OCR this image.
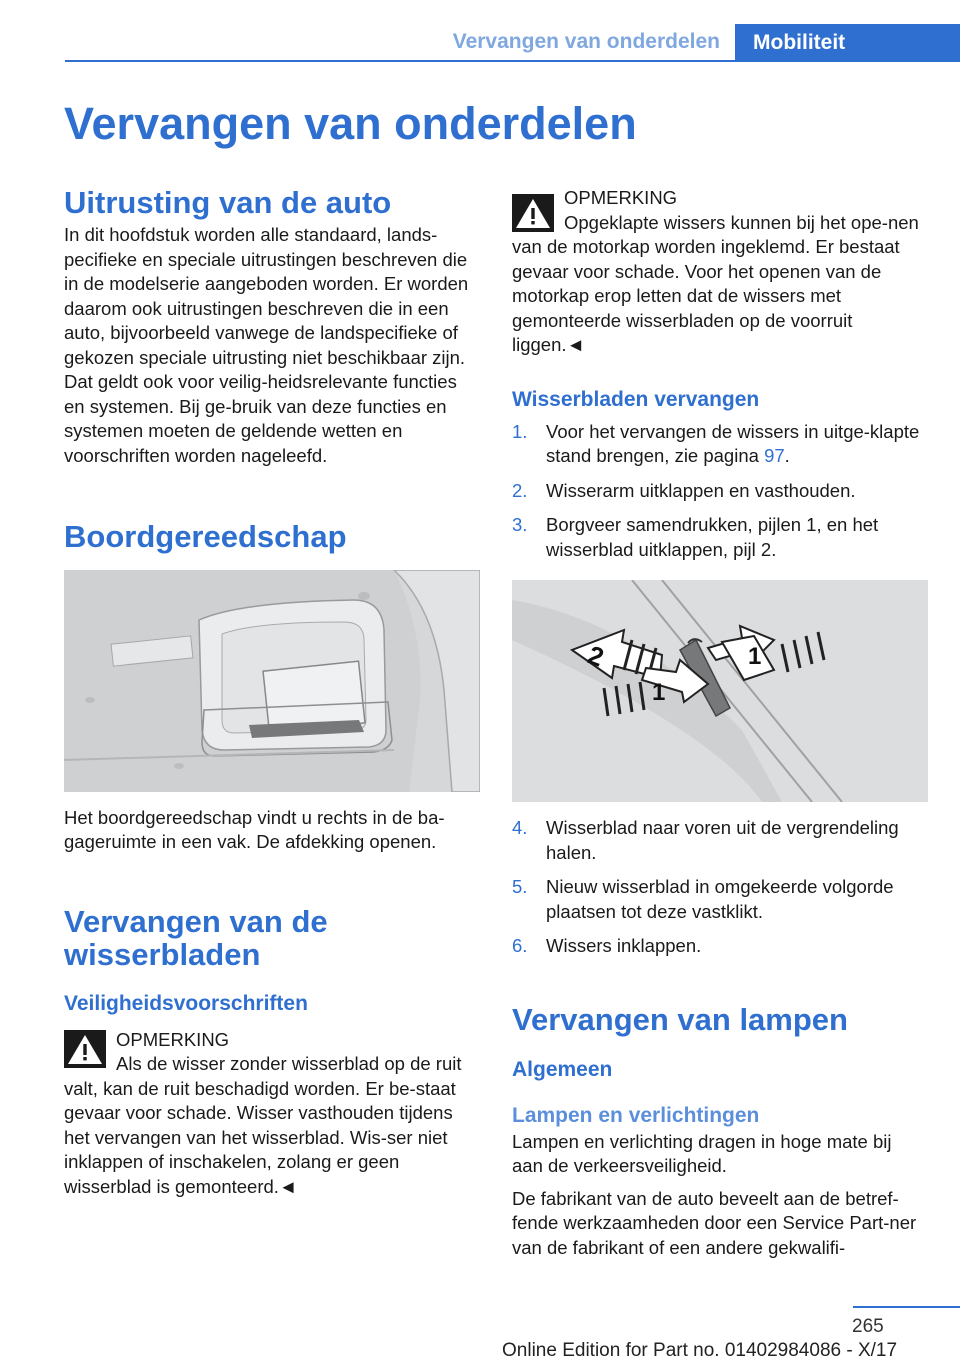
Vervangen van onderdelen	Mobiliteit
Vervangen van onderdelen
Uitrusting van de auto

In dit hoofdstuk worden alle standaard, lands-pecifieke en speciale uitrustingen beschreven die in de modelserie aangeboden worden. Er worden daarom ook uitrustingen beschreven die in een auto, bijvoorbeeld vanwege de landspecifieke of gekozen speciale uitrusting niet beschikbaar zijn. Dat geldt ook voor veilig-heidsrelevante functies en systemen. Bij ge-bruik van deze functies en systemen moeten de geldende wetten en voorschriften worden nageleefd.

Boordgereedschap

Het boordgereedschap vindt u rechts in de ba-gageruimte in een vak. De afdekking openen.

Vervangen van de wisserbladen
Veiligheidsvoorschriften

OPMERKING

Als de wisser zonder wisserblad op de ruit valt, kan de ruit beschadigd worden. Er be-staat gevaar voor schade. Wisser vasthouden tijdens het vervangen van het wisserblad. Wis-ser niet inklappen of inschakelen, zolang er geen wisserblad is gemonteerd.◄

OPMERKING

Opgeklapte wissers kunnen bij het ope-nen van de motorkap worden ingeklemd. Er bestaat gevaar voor schade. Voor het openen van de motorkap erop letten dat de wissers met gemonteerde wisserbladen op de voorruit liggen.◄

Wisserbladen vervangen
1. Voor het vervangen de wissers in uitge-klapte stand brengen, zie pagina 97.
2. Wisserarm uitklappen en vasthouden.
3. Borgveer samendrukken, pijlen 1, en het wisserblad uitklappen, pijl 2.
2	1
1
4. Wisserblad naar voren uit de vergrendeling halen.
5. Nieuw wisserblad in omgekeerde volgorde plaatsen tot deze vastklikt.
6. Wissers inklappen.
Vervangen van lampen
Algemeen
Lampen en verlichtingen

Lampen en verlichting dragen in hoge mate bij aan de verkeersveiligheid.

De fabrikant van de auto beveelt aan de betref-fende werkzaamheden door een Service Part-ner van de fabrikant of een andere gekwalifi-

265
Online Edition for Part no. 01402984086 - X/17
